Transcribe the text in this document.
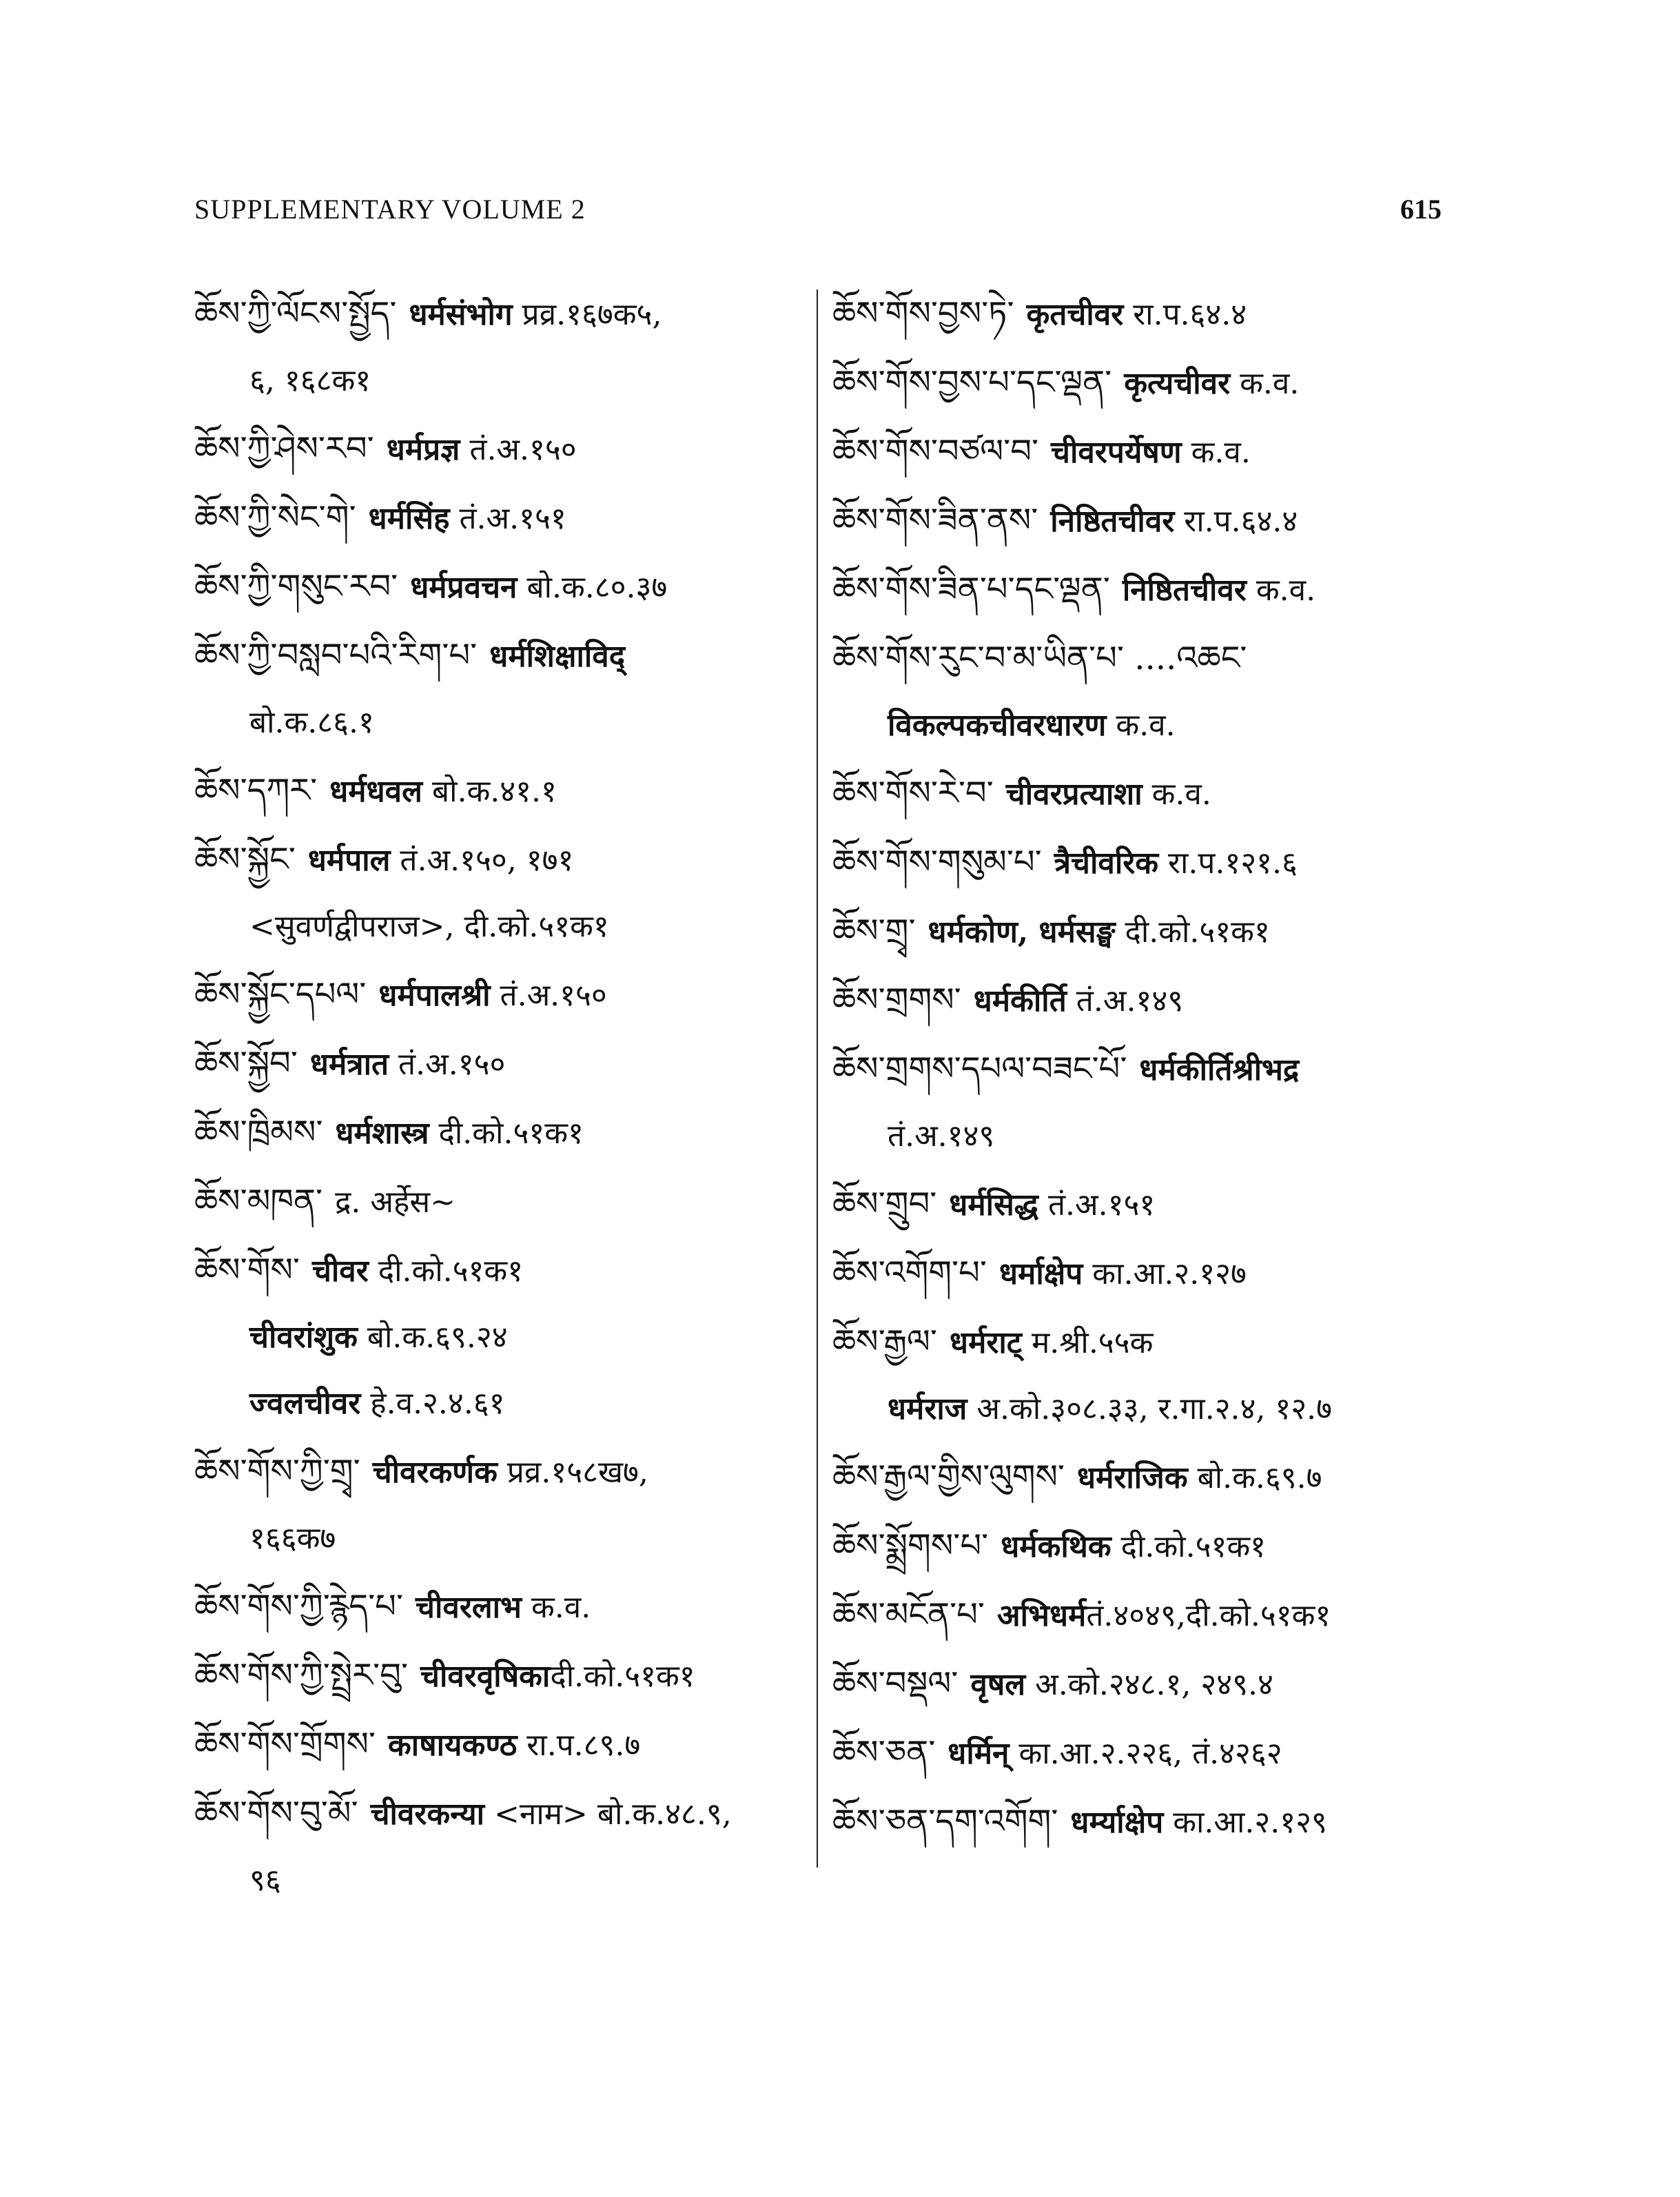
SUPPLEMENTARY VOLUME 2	615
ཆོས་ཀྱི་ལོངས་སྤྱོད་ धर्मसंभोग प्रव्र.१६७क५,
६, १६८क१
ཆོས་ཀྱི་ཤེས་རབ་ धर्मप्रज्ञ तं.अ.१५०
ཆོས་ཀྱི་སེང་གེ་ धर्मसिंह तं.अ.१५१
ཆོས་ཀྱི་གསུང་རབ་ धर्मप्रवचन बो.क.८०.३७
ཆོས་ཀྱི་བསླབ་པའི་རིག་པ་ धर्मशिक्षाविद्
बो.क.८६.१
ཆོས་དཀར་ धर्मधवल बो.क.४१.१
ཆོས་སྐྱོང་ धर्मपाल तं.अ.१५०, १७१
<सुवर्णद्वीपराज>, दी.को.५१क१
ཆོས་སྐྱོང་དཔལ་ धर्मपालश्री तं.अ.१५०
ཆོས་སྐྱོབ་ धर्मत्रात तं.अ.१५०
ཆོས་ཁྲིམས་ धर्मशास्त्र दी.को.५१क१
ཆོས་མཁན་ द्र. अर्हेस~
ཆོས་གོས་ चीवर दी.को.५१क१
चीवरांशुक बो.क.६९.२४
ज्वलचीवर हे.व.२.४.६१
ཆོས་གོས་ཀྱི་གྲྭ་ चीवरकर्णक प्रव्र.१५८ख७,
१६६क७
ཆོས་གོས་ཀྱི་རྙེད་པ་ चीवरलाभ क.व.
ཆོས་གོས་ཀྱི་སྤྲེར་བུ་ चीवरवृषिकादी.को.५१क१
ཆོས་གོས་གྲོགས་ काषायकण्ठ रा.प.८९.७
ཆོས་གོས་བུ་མོ་ चीवरकन्या <नाम> बो.क.४८.९,
९६
ཆོས་གོས་བྱས་ཏེ་ कृतचीवर रा.प.६४.४
ཆོས་གོས་བྱས་པ་དང་ལྡན་ कृत्यचीवर क.व.
ཆོས་གོས་བཙལ་བ་ चीवरपर्येषण क.व.
ཆོས་གོས་ཟིན་ནས་ निष्ठितचीवर रा.प.६४.४
ཆོས་གོས་ཟིན་པ་དང་ལྡན་ निष्ठितचीवर क.व.
ཆོས་གོས་རུང་བ་མ་ཡིན་པ་ ....འཆང་
विकल्पकचीवरधारण क.व.
ཆོས་གོས་རེ་བ་ चीवरप्रत्याशा क.व.
ཆོས་གོས་གསུམ་པ་ त्रैचीवरिक रा.प.१२१.६
ཆོས་གྲྭ་ धर्मकोण, धर्मसङ्घ दी.को.५१क१
ཆོས་གྲགས་ धर्मकीर्ति तं.अ.१४९
ཆོས་གྲགས་དཔལ་བཟང་པོ་ धर्मकीर्तिश्रीभद्र
तं.अ.१४९
ཆོས་གྲུབ་ धर्मसिद्ध तं.अ.१५१
ཆོས་འགོག་པ་ धर्माक्षेप का.आ.२.१२७
ཆོས་རྒྱལ་ धर्मराट् म.श्री.५५क
धर्मराज अ.को.३०८.३३, र.गा.२.४, १२.७
ཆོས་རྒྱལ་གྱིས་ལུགས་ धर्मराजिक बो.क.६९.७
ཆོས་སྨྲོགས་པ་ धर्मकथिक दी.को.५१क१
ཆོས་མངོན་པ་ अभिधर्मतं.४०४९,दी.को.५१क१
ཆོས་བསྡལ་ वृषल अ.को.२४८.१, २४९.४
ཆོས་ཅན་ धर्मिन् का.आ.२.२२६, तं.४२६२
ཆོས་ཅན་དག་འགོག་ धर्म्याक्षेप का.आ.२.१२९
